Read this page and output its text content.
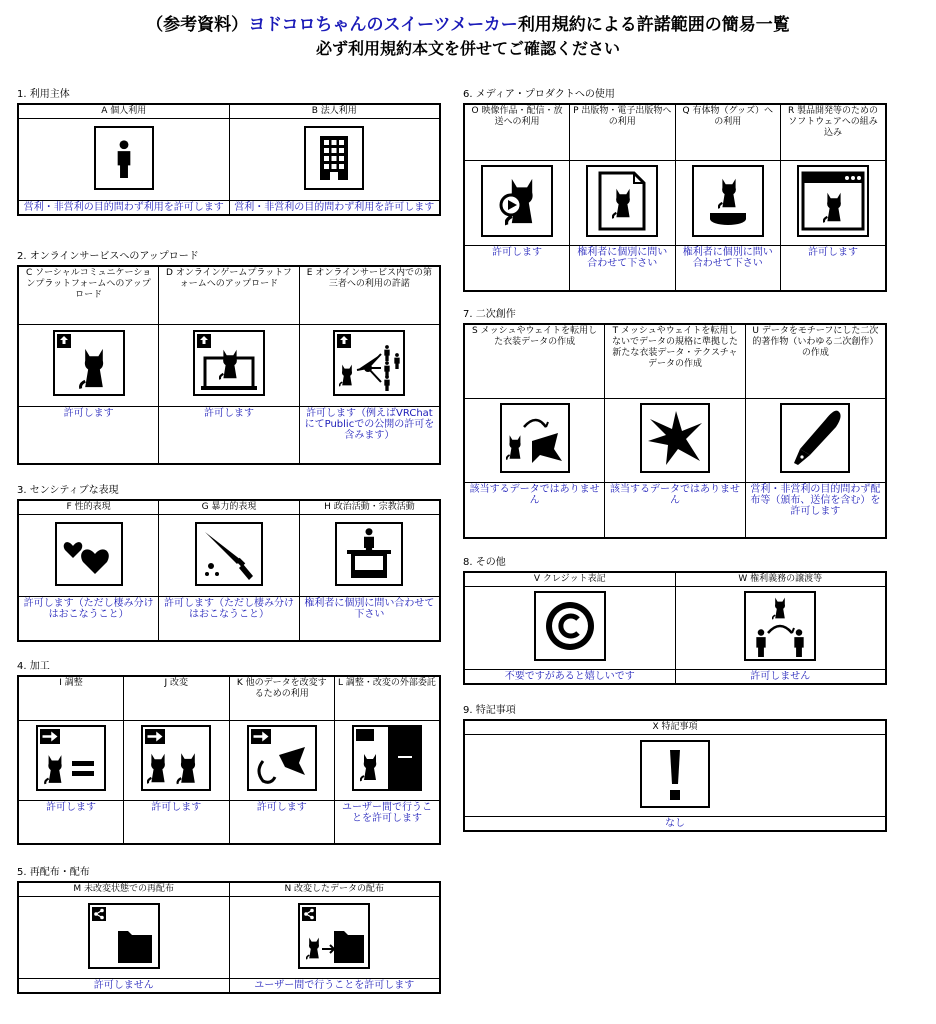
（参考資料）ヨドコロちゃんのスイーツメーカー利用規約による許諾範囲の簡易一覧
必ず利用規約本文を併せてご確認ください
1. 利用主体
A 個人利用	B 法人利用

営利・非営利の目的問わず利用を許可します	営利・非営利の目的問わず利用を許可します
2. オンラインサービスへのアップロード
C ソーシャルコミュニケーションプラットフォームへのアップロード	D オンラインゲームプラットフォームへのアップロード	E オンラインサービス内での第三者への利用の許諾

許可します	許可します	許可します（例えばVRChatにてPublicでの公開の許可を含みます）
3. センシティブな表現
F 性的表現	G 暴力的表現	H 政治活動・宗教活動

許可します（ただし棲み分けはおこなうこと）	許可します（ただし棲み分けはおこなうこと）	権利者に個別に問い合わせて下さい
4. 加工
I 調整	J 改変	K 他のデータを改変するための利用	L 調整・改変の外部委託

許可します	許可します	許可します	ユーザー間で行うことを許可します
5. 再配布・配布
M 未改変状態での再配布	N 改変したデータの配布

許可しません	ユーザー間で行うことを許可します
6. メディア・プロダクトへの使用
O 映像作品・配信・放送への利用	P 出版物・電子出版物への利用	Q 有体物（グッズ）への利用	R 製品開発等のためのソフトウェアへの組み込み

許可します	権利者に個別に問い合わせて下さい	権利者に個別に問い合わせて下さい	許可します
7. 二次創作
S メッシュやウェイトを転用した衣装データの作成	T メッシュやウェイトを転用しないでデータの規格に準拠した新たな衣装データ・テクスチャデータの作成	U データをモチーフにした二次的著作物（いわゆる二次創作）の作成

該当するデータではありません	該当するデータではありません	営利・非営利の目的問わず配布等（頒布、送信を含む）を許可します
8. その他
V クレジット表記	W 権利義務の譲渡等

不要ですがあると嬉しいです	許可しません
9. 特記事項
X 特記事項

なし
